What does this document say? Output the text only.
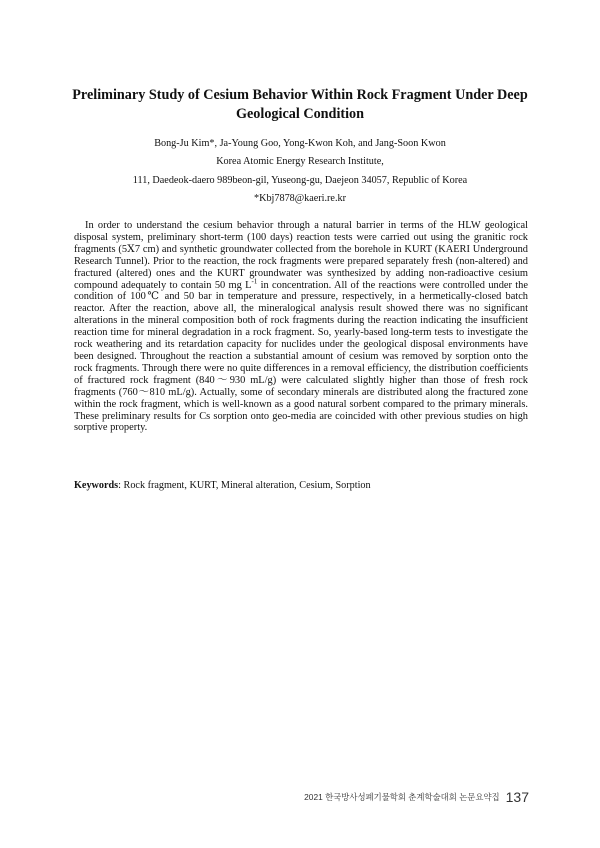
Preliminary Study of Cesium Behavior Within Rock Fragment Under Deep Geological Condition
Bong-Ju Kim*, Ja-Young Goo, Yong-Kwon Koh, and Jang-Soon Kwon
Korea Atomic Energy Research Institute,
111, Daedeok-daero 989beon-gil, Yuseong-gu, Daejeon 34057, Republic of Korea
*Kbj7878@kaeri.re.kr

In order to understand the cesium behavior through a natural barrier in terms of the HLW geological disposal system, preliminary short-term (100 days) reaction tests were carried out using the granitic rock fragments (5Ⅹ7 cm) and synthetic groundwater collected from the borehole in KURT (KAERI Underground Research Tunnel). Prior to the reaction, the rock fragments were prepared separately fresh (non-altered) and fractured (altered) ones and the KURT groundwater was synthesized by adding non-radioactive cesium compound adequately to contain 50 mg $L^{-1}$ in concentration. All of the reactions were controlled under the condition of 100℃ and 50 bar in temperature and pressure, respectively, in a hermetically-closed batch reactor. After the reaction, above all, the mineralogical analysis result showed there was no significant alterations in the mineral composition both of rock fragments during the reaction indicating the insufficient reaction time for mineral degradation in a rock fragment. So, yearly-based long-term tests to investigate the rock weathering and its retardation capacity for nuclides under the geological disposal environments have been designed. Throughout the reaction a substantial amount of cesium was removed by sorption onto the rock fragments. Through there were no quite differences in a removal efficiency, the distribution coefficients of fractured rock fragment (840～930 mL/g) were calculated slightly higher than those of fresh rock fragments (760～810 mL/g). Actually, some of secondary minerals are distributed along the fractured zone within the rock fragment, which is well-known as a good natural sorbent compared to the primary minerals. These preliminary results for Cs sorption onto geo-media are coincided with other previous studies on high sorptive property.

Keywords: Rock fragment, KURT, Mineral alteration, Cesium, Sorption
2021 한국방사성폐기물학회 춘계학술대회 논문요약집 137
